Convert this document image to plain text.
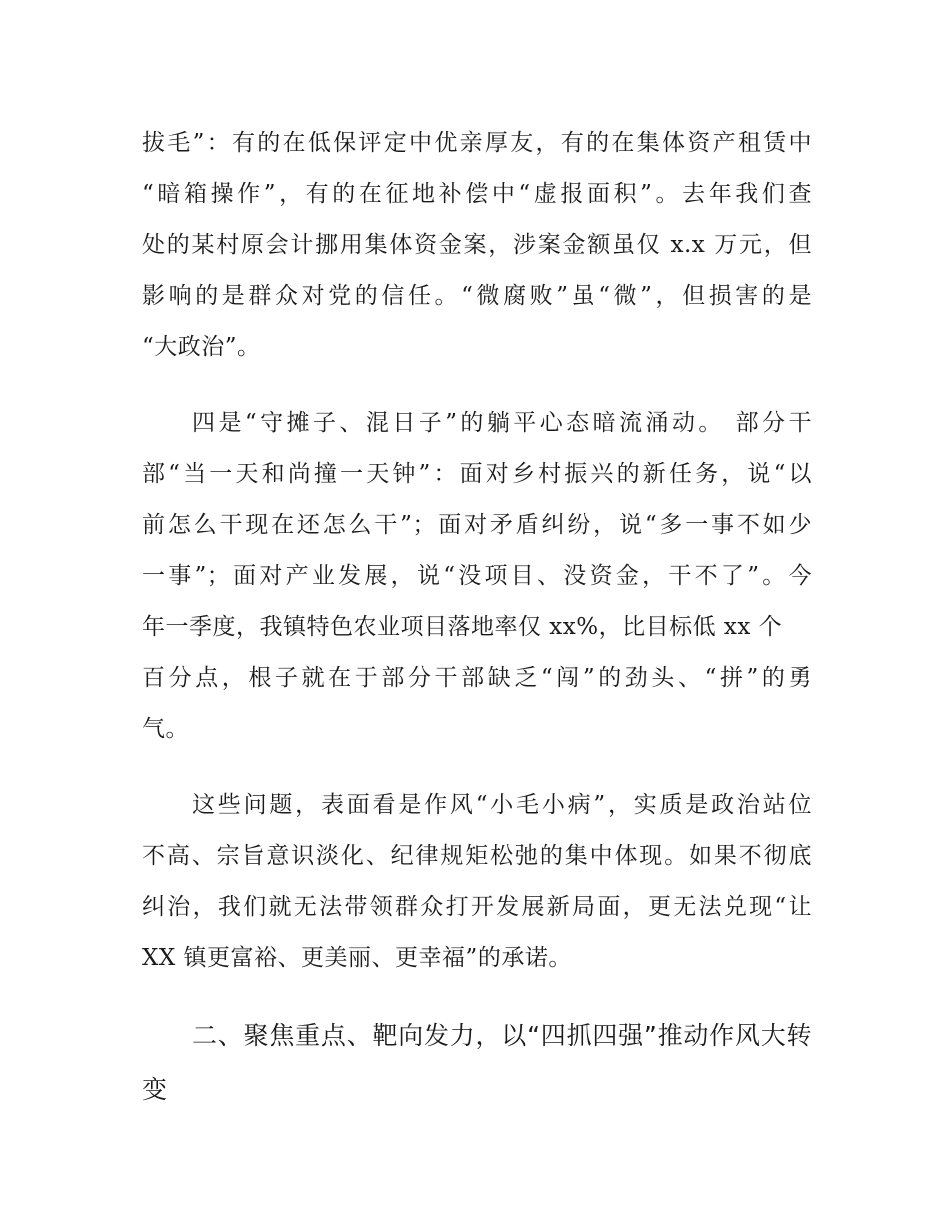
拔毛”：有的在低保评定中优亲厚友，有的在集体资产租赁中
“暗箱操作”，有的在征地补偿中“虚报面积”。去年我们查
处的某村原会计挪用集体资金案，涉案金额虽仅 x.x 万元，但
影响的是群众对党的信任。“微腐败”虽“微”，但损害的是
“大政治”。
四是“守摊子、混日子”的躺平心态暗流涌动。 部分干
部“当一天和尚撞一天钟”：面对乡村振兴的新任务，说“以
前怎么干现在还怎么干”；面对矛盾纠纷，说“多一事不如少
一事”；面对产业发展，说“没项目、没资金，干不了”。今
年一季度，我镇特色农业项目落地率仅 xx%，比目标低 xx 个
百分点，根子就在于部分干部缺乏“闯”的劲头、“拼”的勇
气。
这些问题，表面看是作风“小毛小病”，实质是政治站位
不高、宗旨意识淡化、纪律规矩松弛的集中体现。如果不彻底
纠治，我们就无法带领群众打开发展新局面，更无法兑现“让
XX 镇更富裕、更美丽、更幸福”的承诺。
二、聚焦重点、靶向发力，以“四抓四强”推动作风大转
变
